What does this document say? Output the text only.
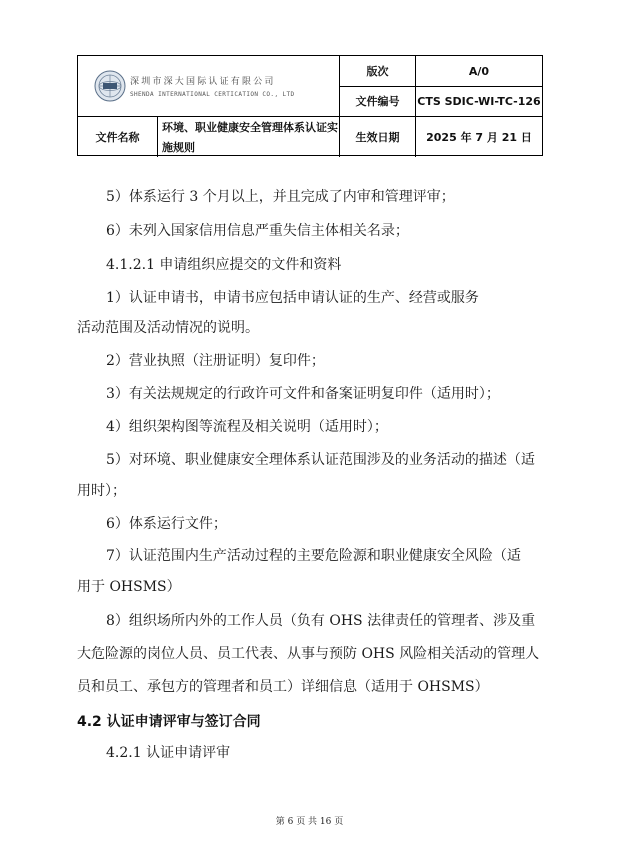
深圳市深大国际认证有限公司
SHENDA INTERNATIONAL CERTICATION CO., LTD
版次	A/0
文件编号 CTS SDIC-WI-TC-126
文件名称
环境、职业健康安全管理体系认证实
施规则
生效日期 2025 年 7 月 21 日
5）体系运行 3 个月以上，并且完成了内审和管理评审；
6）未列入国家信用信息严重失信主体相关名录；
4.1.2.1 申请组织应提交的文件和资料
1）认证申请书，申请书应包括申请认证的生产、经营或服务
活动范围及活动情况的说明。
2）营业执照（注册证明）复印件；
3）有关法规规定的行政许可文件和备案证明复印件（适用时）；
4）组织架构图等流程及相关说明（适用时）；
5）对环境、职业健康安全理体系认证范围涉及的业务活动的描述（适
用时）；
6）体系运行文件；
7）认证范围内生产活动过程的主要危险源和职业健康安全风险（适
用于 OHSMS）
8）组织场所内外的工作人员（负有 OHS 法律责任的管理者、涉及重
大危险源的岗位人员、员工代表、从事与预防 OHS 风险相关活动的管理人
员和员工、承包方的管理者和员工）详细信息（适用于 OHSMS）
4.2 认证申请评审与签订合同
4.2.1 认证申请评审
第 6 页 共 16 页
